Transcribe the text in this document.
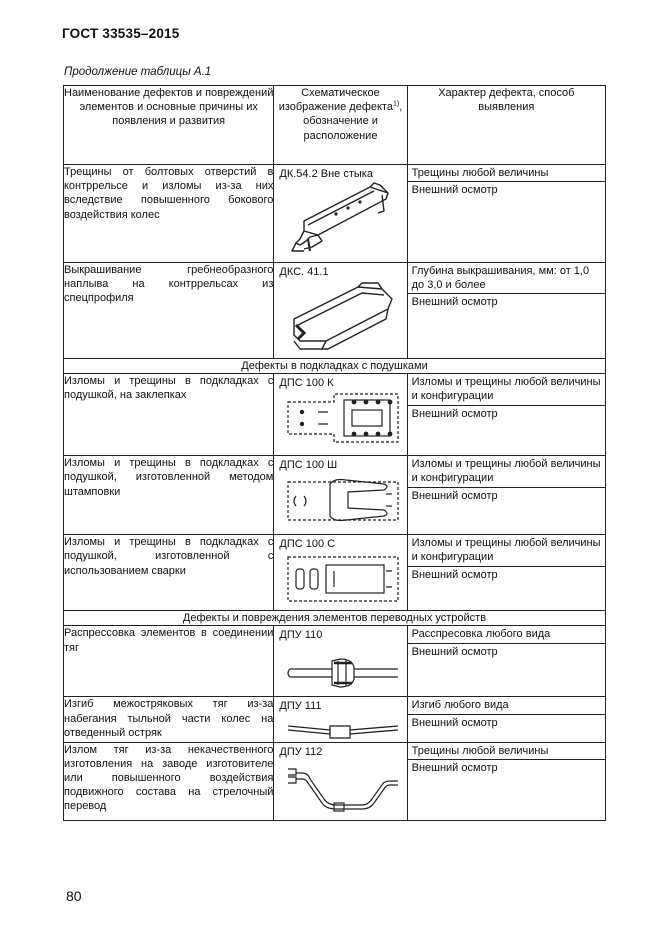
ГОСТ 33535–2015
Продолжение таблицы А.1
Наименование дефектов и повреждений элементов и основные причины их появления и развития	Схематическое изображение дефекта$^{1)}$, обозначение и расположение	Характер дефекта, способ выявления
Трещины от болтовых отверстий в контррельсе и изломы из-за них вследствие повышенного бокового воздействия колес	ДК.54.2 Вне стыка	Трещины любой величины
Внешний осмотр

Выкрашивание гребнеобразного наплыва на контррельсах из спецпрофиля	ДКС. 41.1	Глубина выкрашивания, мм: от 1,0 до 3,0 и более
Внешний осмотр

Дефекты в подкладках с подушками		
Изломы и трещины в подкладках с подушкой, на заклепках	ДПС 100 К	Изломы и трещины любой величины и конфигурации
Внешний осмотр

Изломы и трещины в подкладках с подушкой, изготовленной методом штамповки	ДПС 100 Ш	Изломы и трещины любой величины и конфигурации
Внешний осмотр

Изломы и трещины в подкладках с подушкой, изготовленной с использованием сварки	ДПС 100 С	Изломы и трещины любой величины и конфигурации
Внешний осмотр

Дефекты и повреждения элементов переводных устройств		
Распрессовка элементов в соединении тяг	ДПУ 110	Расспресовка любого вида
Внешний осмотр

Изгиб межостряковых тяг из-за набегания тыльной части колес на отведенный остряк	ДПУ 111	Изгиб любого вида
Внешний осмотр

Излом тяг из-за некачественного изготовления на заводе изготовителе или повышенного воздействия подвижного состава на стрелочный перевод	ДПУ 112	Трещины любой величины
Внешний осмотр
80
